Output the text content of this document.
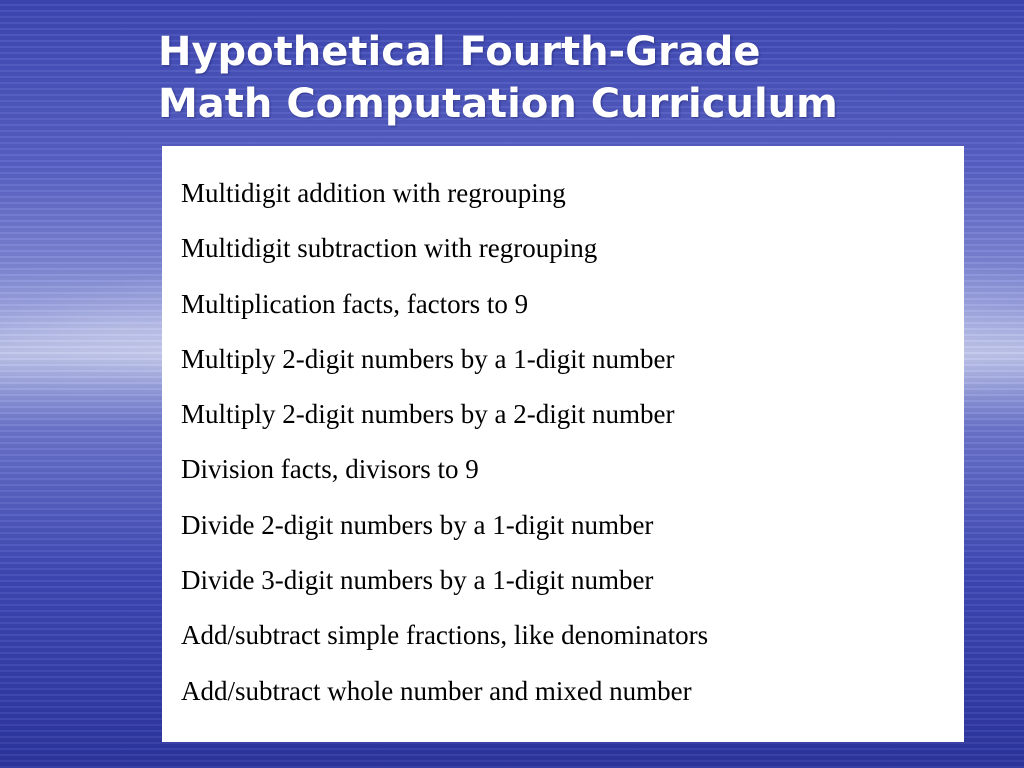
Hypothetical Fourth-Grade
Math Computation Curriculum
Multidigit addition with regrouping
Multidigit subtraction with regrouping
Multiplication facts, factors to 9
Multiply 2-digit numbers by a 1-digit number
Multiply 2-digit numbers by a 2-digit number
Division facts, divisors to 9
Divide 2-digit numbers by a 1-digit number
Divide 3-digit numbers by a 1-digit number
Add/subtract simple fractions, like denominators
Add/subtract whole number and mixed number
